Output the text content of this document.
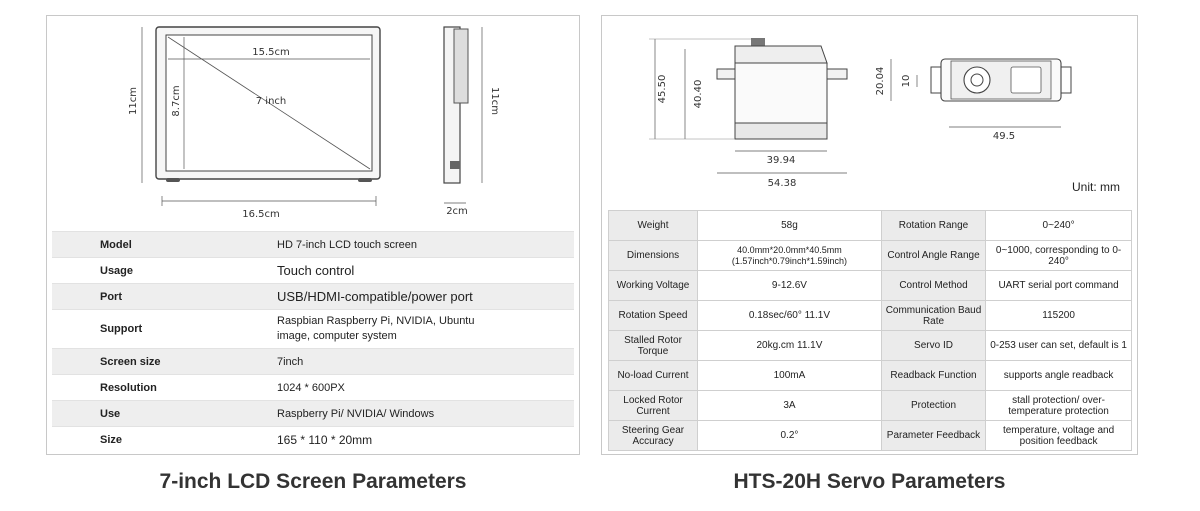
15.5cm
8.7cm	7 inch
11cm
16.5cm
11cm
2cm
Model	HD 7-inch LCD touch screen
Usage	Touch control
Port	USB/HDMI-compatible/power port
Support	Raspbian Raspberry Pi, NVIDIA, Ubuntu image, computer system
Screen size	7inch
Resolution	1024 * 600PX
Use	Raspberry Pi/ NVIDIA/ Windows
Size	165 * 110 * 20mm
7-inch LCD Screen Parameters
45.50	40.40
39.94
54.38
20.04 10
49.5
Unit: mm
Weight	58g	Rotation Range	0~240°
Dimensions	40.0mm*20.0mm*40.5mm (1.57inch*0.79inch*1.59inch)	Control Angle Range	0~1000, corresponding to 0-240°
Working Voltage	9-12.6V	Control Method	UART serial port command
Rotation Speed	0.18sec/60° 11.1V	Communication Baud Rate	115200
Stalled Rotor Torque	20kg.cm 11.1V	Servo ID	0-253 user can set, default is 1
No-load Current	100mA	Readback Function	supports angle readback
Locked Rotor Current	3A	Protection	stall protection/ over-temperature protection
Steering Gear Accuracy	0.2°	Parameter Feedback	temperature, voltage and position feedback
HTS-20H Servo Parameters
